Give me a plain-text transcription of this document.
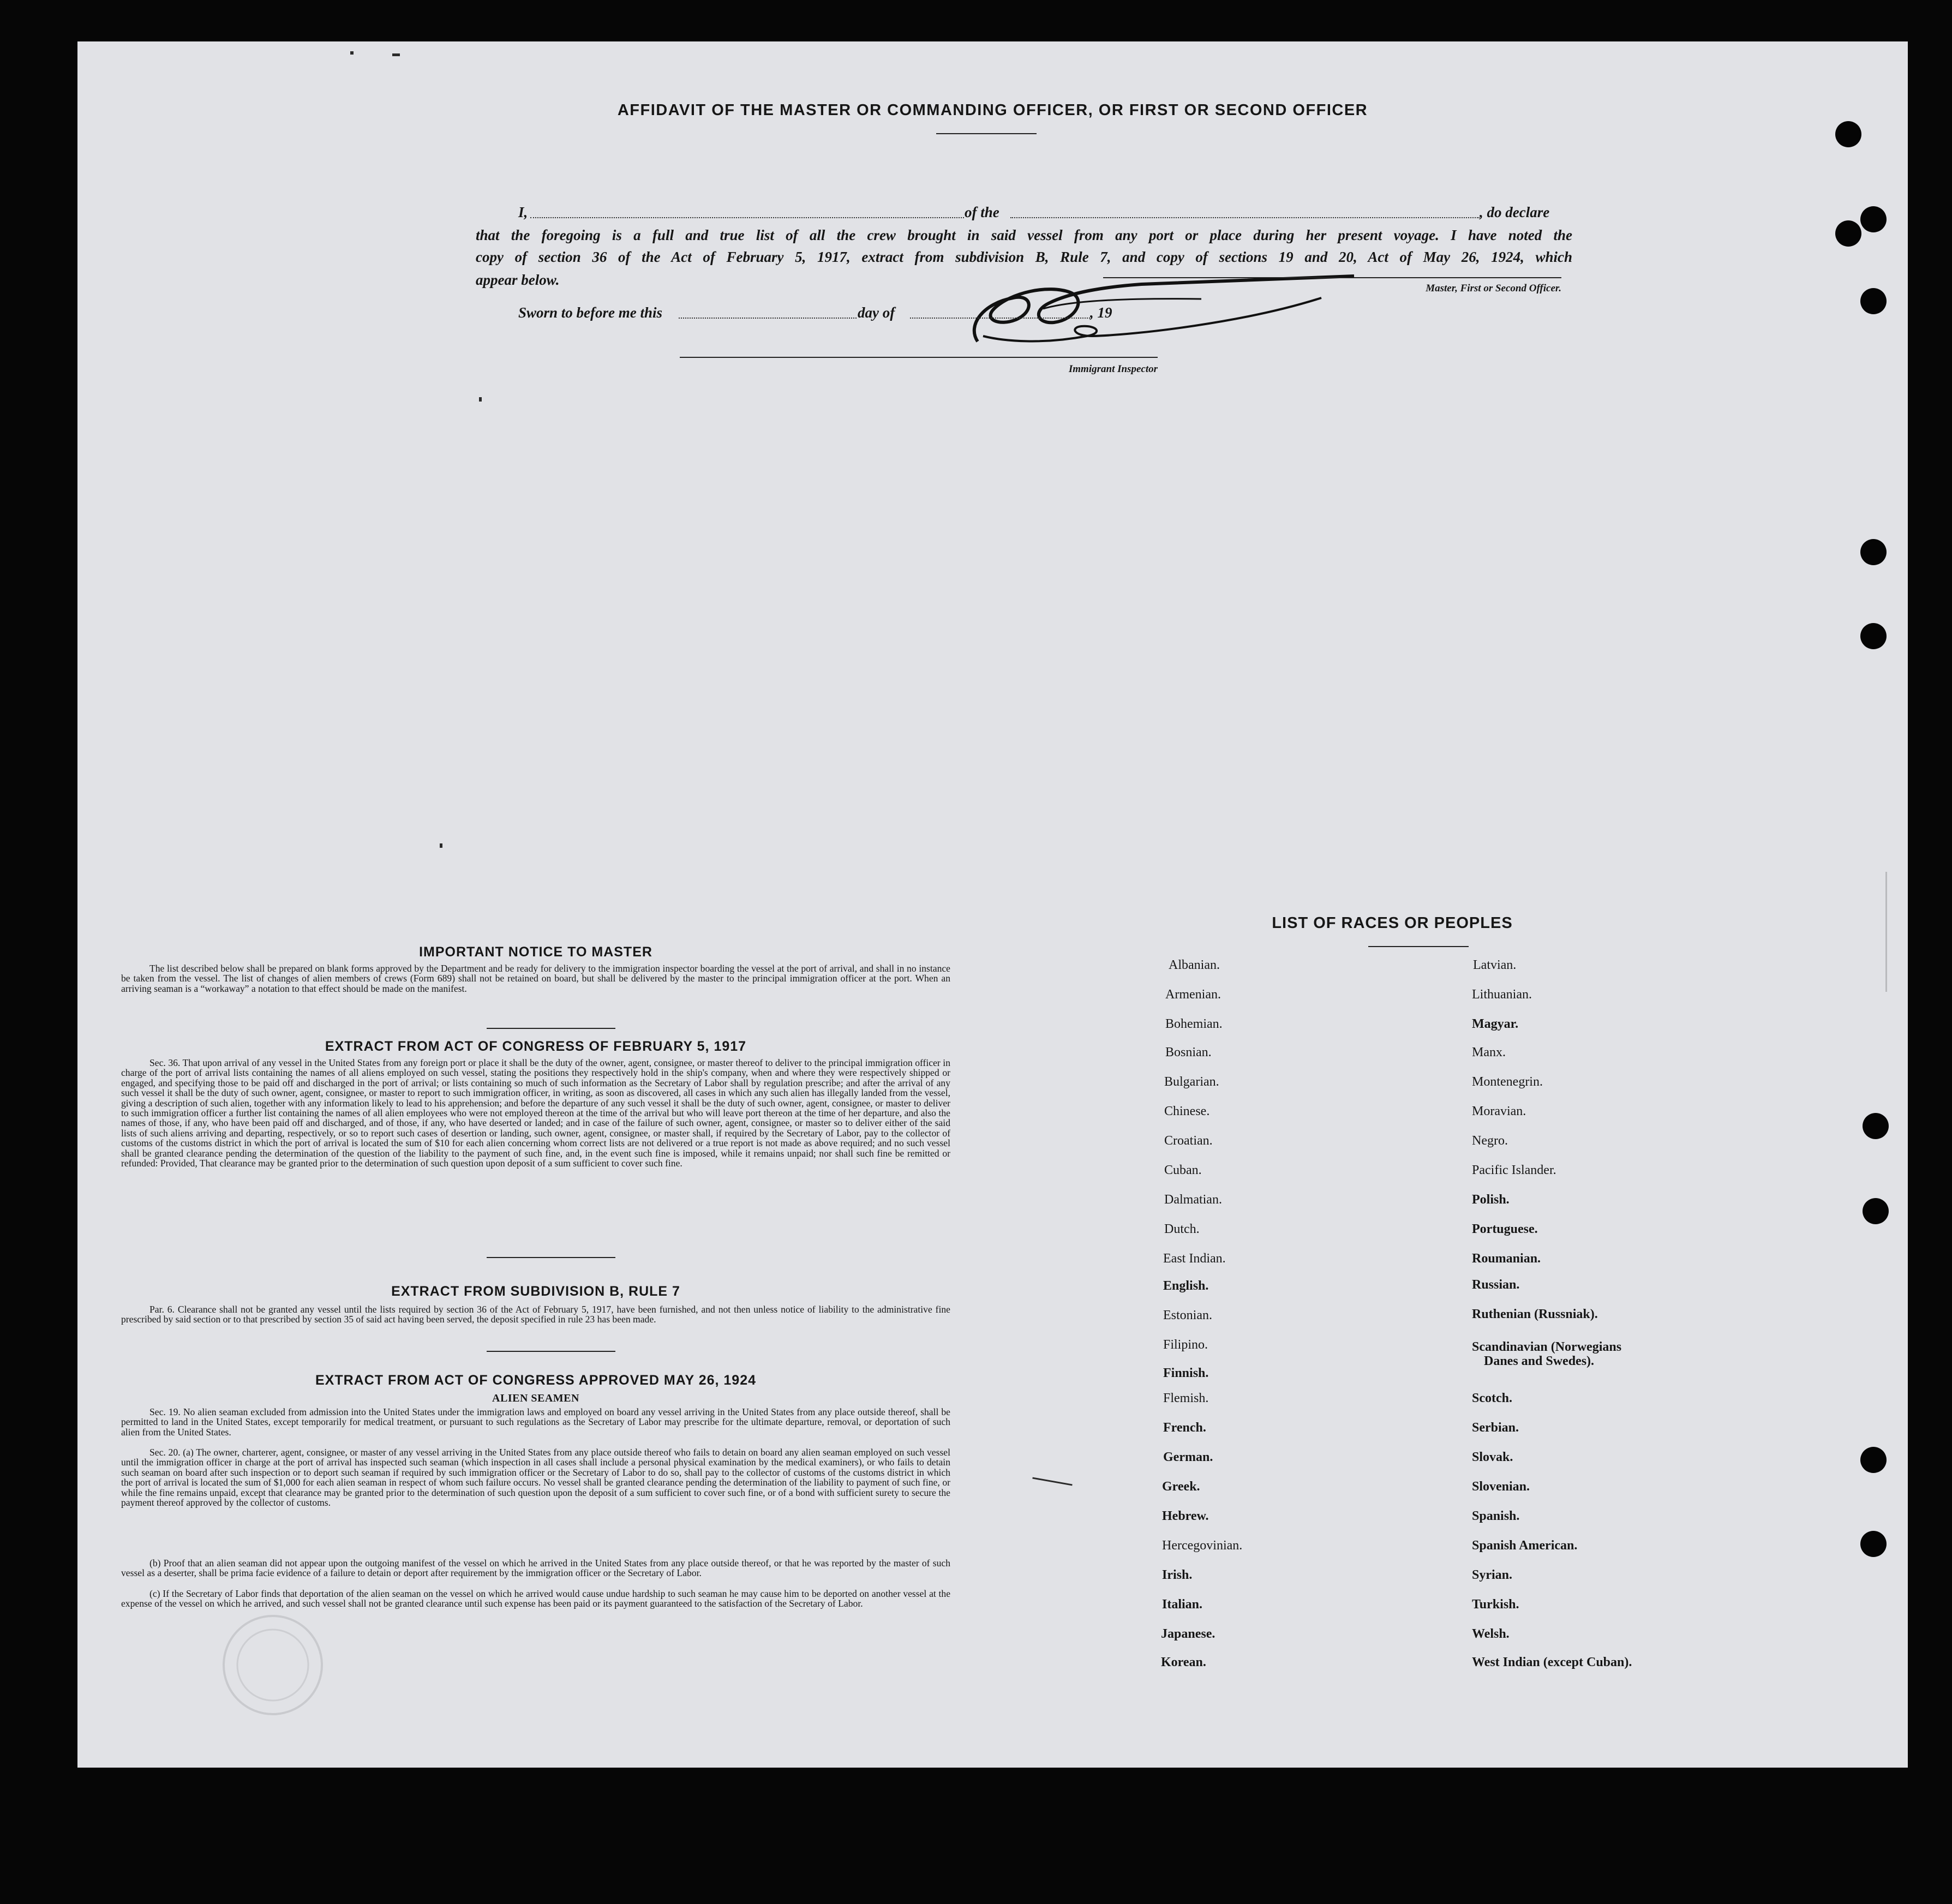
AFFIDAVIT OF THE MASTER OR COMMANDING OFFICER, OR FIRST OR SECOND OFFICER
I,	of the	, do declare
that the foregoing is a full and true list of all the crew brought in said vessel from any port or place during her present voyage. I have noted the
copy of section 36 of the Act of February 5, 1917, extract from subdivision B, Rule 7, and copy of sections 19 and 20, Act of May 26, 1924, which
appear below.
Master, First or Second Officer.
Sworn to before me this	day of	, 19
Immigrant Inspector
IMPORTANT NOTICE TO MASTER

The list described below shall be prepared on blank forms approved by the Department and be ready for delivery to the immigration inspector boarding the vessel at the port of arrival, and shall in no instance be taken from the vessel. The list of changes of alien members of crews (Form 689) shall not be retained on board, but shall be delivered by the master to the principal immigration officer at the port. When an arriving seaman is a “workaway” a notation to that effect should be made on the manifest.

EXTRACT FROM ACT OF CONGRESS OF FEBRUARY 5, 1917

Sec. 36. That upon arrival of any vessel in the United States from any foreign port or place it shall be the duty of the owner, agent, consignee, or master thereof to deliver to the principal immigration officer in charge of the port of arrival lists containing the names of all aliens employed on such vessel, stating the positions they respectively hold in the ship's company, when and where they were respectively shipped or engaged, and specifying those to be paid off and discharged in the port of arrival; or lists containing so much of such information as the Secretary of Labor shall by regulation prescribe; and after the arrival of any such vessel it shall be the duty of such owner, agent, consignee, or master to report to such immigration officer, in writing, as soon as discovered, all cases in which any such alien has illegally landed from the vessel, giving a description of such alien, together with any information likely to lead to his apprehension; and before the departure of any such vessel it shall be the duty of such owner, agent, consignee, or master to deliver to such immigration officer a further list containing the names of all alien employees who were not employed thereon at the time of the arrival but who will leave port thereon at the time of her departure, and also the names of those, if any, who have been paid off and discharged, and of those, if any, who have deserted or landed; and in case of the failure of such owner, agent, consignee, or master so to deliver either of the said lists of such aliens arriving and departing, respectively, or so to report such cases of desertion or landing, such owner, agent, consignee, or master shall, if required by the Secretary of Labor, pay to the collector of customs of the customs district in which the port of arrival is located the sum of $10 for each alien concerning whom correct lists are not delivered or a true report is not made as above required; and no such vessel shall be granted clearance pending the determination of the question of the liability to the payment of such fine, and, in the event such fine is imposed, while it remains unpaid; nor shall such fine be remitted or refunded: Provided, That clearance may be granted prior to the determination of such question upon deposit of a sum sufficient to cover such fine.

EXTRACT FROM SUBDIVISION B, RULE 7

Par. 6. Clearance shall not be granted any vessel until the lists required by section 36 of the Act of February 5, 1917, have been furnished, and not then unless notice of liability to the administrative fine prescribed by said section or to that prescribed by section 35 of said act having been served, the deposit specified in rule 23 has been made.

EXTRACT FROM ACT OF CONGRESS APPROVED MAY 26, 1924
ALIEN SEAMEN

Sec. 19. No alien seaman excluded from admission into the United States under the immigration laws and employed on board any vessel arriving in the United States from any place outside thereof, shall be permitted to land in the United States, except temporarily for medical treatment, or pursuant to such regulations as the Secretary of Labor may prescribe for the ultimate departure, removal, or deportation of such alien from the United States.

Sec. 20. (a) The owner, charterer, agent, consignee, or master of any vessel arriving in the United States from any place outside thereof who fails to detain on board any alien seaman employed on such vessel until the immigration officer in charge at the port of arrival has inspected such seaman (which inspection in all cases shall include a personal physical examination by the medical examiners), or who fails to detain such seaman on board after such inspection or to deport such seaman if required by such immigration officer or the Secretary of Labor to do so, shall pay to the collector of customs of the customs district in which the port of arrival is located the sum of $1,000 for each alien seaman in respect of whom such failure occurs. No vessel shall be granted clearance pending the determination of the liability to payment of such fine, or while the fine remains unpaid, except that clearance may be granted prior to the determination of such question upon the deposit of a sum sufficient to cover such fine, or of a bond with sufficient surety to secure the payment thereof approved by the collector of customs.

(b) Proof that an alien seaman did not appear upon the outgoing manifest of the vessel on which he arrived in the United States from any place outside thereof, or that he was reported by the master of such vessel as a deserter, shall be prima facie evidence of a failure to detain or deport after requirement by the immigration officer or the Secretary of Labor.

(c) If the Secretary of Labor finds that deportation of the alien seaman on the vessel on which he arrived would cause undue hardship to such seaman he may cause him to be deported on another vessel at the expense of the vessel on which he arrived, and such vessel shall not be granted clearance until such expense has been paid or its payment guaranteed to the satisfaction of the Secretary of Labor.

LIST OF RACES OR PEOPLES
Albanian.
Armenian.
Bohemian.
Bosnian.
Bulgarian.
Chinese.
Croatian.
Cuban.
Dalmatian.
Dutch.
East Indian.
English.
Estonian.
Filipino.
Finnish.
Flemish.
French.
German.
Greek.
Hebrew.
Hercegovinian.
Irish.
Italian.
Japanese.
Korean.
Latvian.
Lithuanian.
Magyar.
Manx.
Montenegrin.
Moravian.
Negro.
Pacific Islander.
Polish.
Portuguese.
Roumanian.
Russian.
Ruthenian (Russniak).
Scandinavian (Norwegians
Danes and Swedes).
Scotch.
Serbian.
Slovak.
Slovenian.
Spanish.
Spanish American.
Syrian.
Turkish.
Welsh.
West Indian (except Cuban).
